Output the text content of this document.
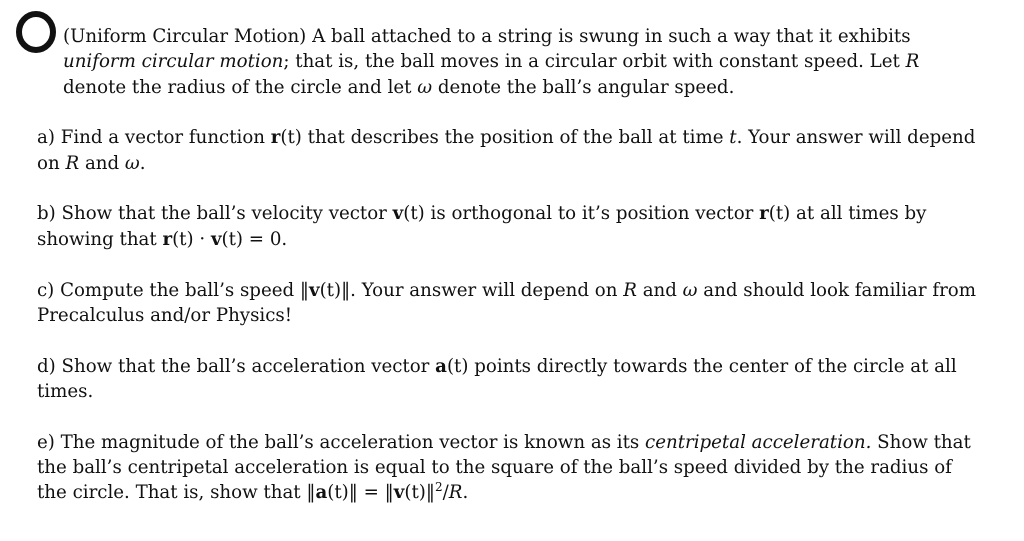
(Uniform Circular Motion) A ball attached to a string is swung in such a way that it exhibits uniform circular motion; that is, the ball moves in a circular orbit with constant speed. Let R denote the radius of the circle and let ω denote the ball’s angular speed.

a) Find a vector function r(t) that describes the position of the ball at time t. Your answer will depend on R and ω.

b) Show that the ball’s velocity vector v(t) is orthogonal to it’s position vector r(t) at all times by showing that r(t) · v(t) = 0.

c) Compute the ball’s speed ‖v(t)‖. Your answer will depend on R and ω and should look familiar from Precalculus and/or Physics!

d) Show that the ball’s acceleration vector a(t) points directly towards the center of the circle at all times.

e) The magnitude of the ball’s acceleration vector is known as its centripetal acceleration. Show that the ball’s centripetal acceleration is equal to the square of the ball’s speed divided by the radius of the circle. That is, show that ‖a(t)‖ = ‖v(t)‖$^2$/R.
